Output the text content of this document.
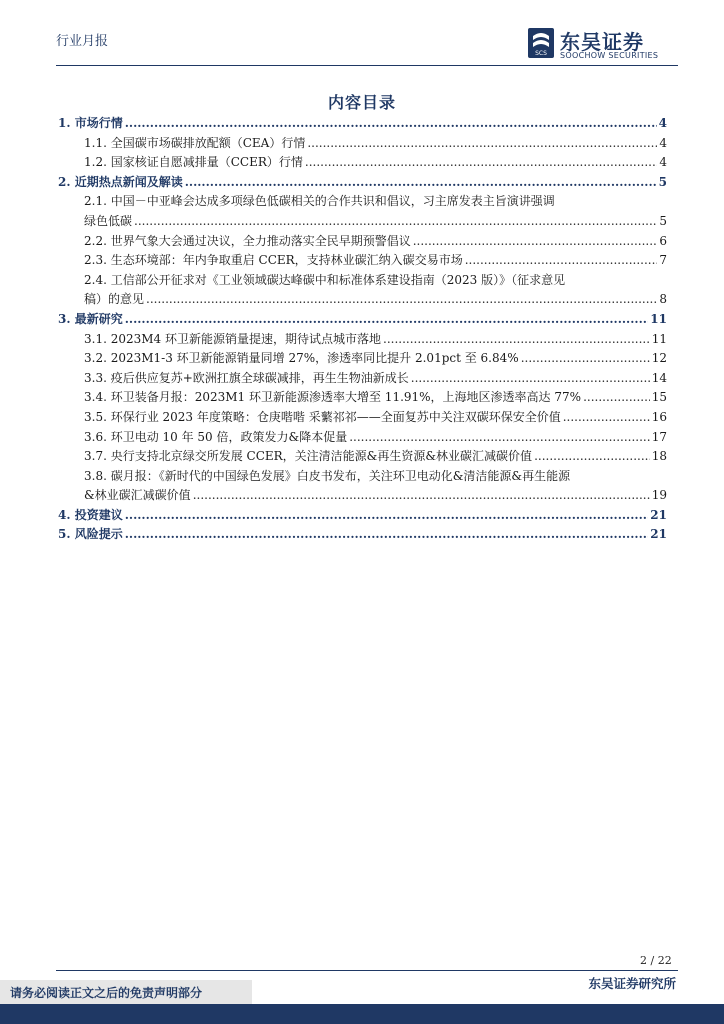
行业月报
SCS 东吴证券
SOOCHOW SECURITIES
内容目录
1. 市场行情 .....	4
1.1. 全国碳市场碳排放配额（CEA）行情 .....	4
1.2. 国家核证自愿减排量（CCER）行情 .....	4
2. 近期热点新闻及解读 .....	5
2.1. 中国－中亚峰会达成多项绿色低碳相关的合作共识和倡议，习主席发表主旨演讲强调
绿色低碳 .....	5
2.2. 世界气象大会通过决议，全力推动落实全民早期预警倡议 .....	6
2.3. 生态环境部：年内争取重启 CCER，支持林业碳汇纳入碳交易市场 .....	7
2.4. 工信部公开征求对《工业领域碳达峰碳中和标准体系建设指南（2023 版）》（征求意见
稿）的意见 .....	8
3. 最新研究 .....	11
3.1. 2023M4 环卫新能源销量提速，期待试点城市落地 .....	11
3.2. 2023M1-3 环卫新能源销量同增 27%，渗透率同比提升 2.01pct 至 6.84% .....	12
3.3. 疫后供应复苏+欧洲扛旗全球碳减排，再生生物油新成长 .....	14
3.4. 环卫装备月报：2023M1 环卫新能源渗透率大增至 11.91%，上海地区渗透率高达 77% .....	15
3.5. 环保行业 2023 年度策略：仓庚喈喈 采蘩祁祁——全面复苏中关注双碳环保安全价值 .....	16
3.6. 环卫电动 10 年 50 倍，政策发力&降本促量 .....	17
3.7. 央行支持北京绿交所发展 CCER，关注清洁能源&再生资源&林业碳汇减碳价值 .....	18
3.8. 碳月报：《新时代的中国绿色发展》白皮书发布，关注环卫电动化&清洁能源&再生能源
&林业碳汇减碳价值 .....	19
4. 投资建议 .....	21
5. 风险提示 .....	21
2 / 22
东吴证券研究所
请务必阅读正文之后的免责声明部分
